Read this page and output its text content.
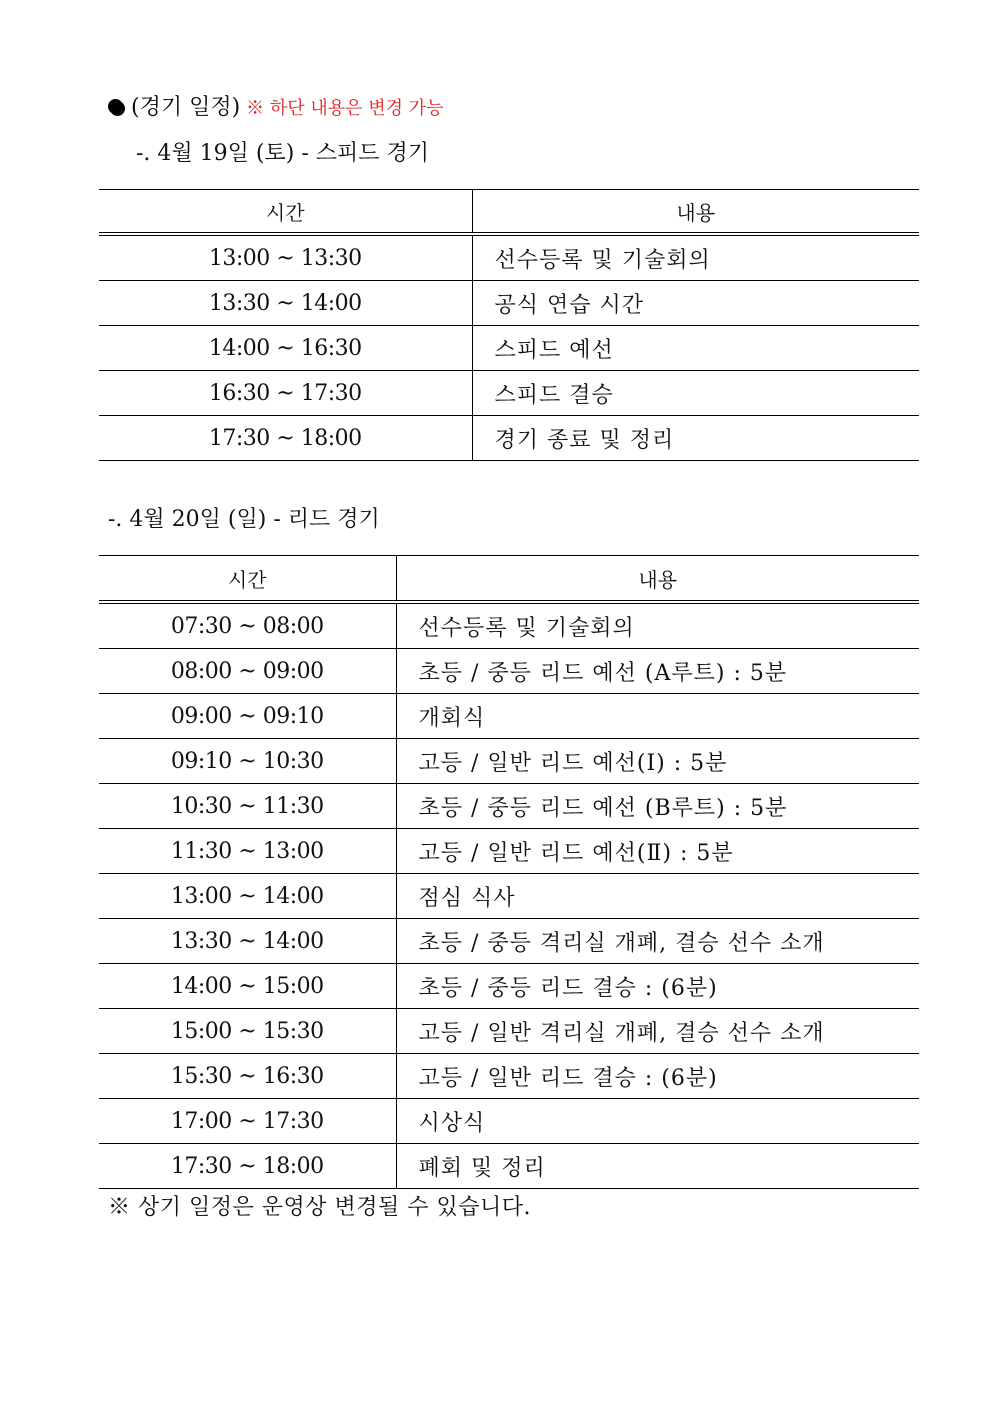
(경기 일정) ※ 하단 내용은 변경 가능
-. 4월 19일 (토) - 스피드 경기
시간	내용
13:00 ~ 13:30	선수등록 및 기술회의
13:30 ~ 14:00	공식 연습 시간
14:00 ~ 16:30	스피드 예선
16:30 ~ 17:30	스피드 결승
17:30 ~ 18:00	경기 종료 및 정리
-. 4월 20일 (일) - 리드 경기
시간	내용
07:30 ~ 08:00	선수등록 및 기술회의
08:00 ~ 09:00	초등 / 중등 리드 예선 (A루트) : 5분
09:00 ~ 09:10	개회식
09:10 ~ 10:30	고등 / 일반 리드 예선(Ⅰ) : 5분
10:30 ~ 11:30	초등 / 중등 리드 예선 (B루트) : 5분
11:30 ~ 13:00	고등 / 일반 리드 예선(Ⅱ) : 5분
13:00 ~ 14:00	점심 식사
13:30 ~ 14:00	초등 / 중등 격리실 개폐, 결승 선수 소개
14:00 ~ 15:00	초등 / 중등 리드 결승 : (6분)
15:00 ~ 15:30	고등 / 일반 격리실 개폐, 결승 선수 소개
15:30 ~ 16:30	고등 / 일반 리드 결승 : (6분)
17:00 ~ 17:30	시상식
17:30 ~ 18:00	폐회 및 정리
※ 상기 일정은 운영상 변경될 수 있습니다.
